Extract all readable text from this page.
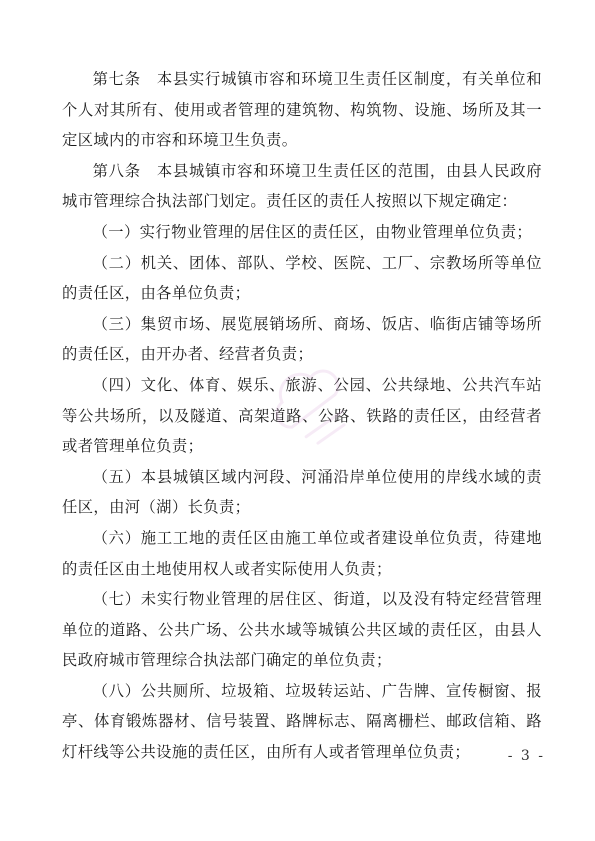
第七条　本县实行城镇市容和环境卫生责任区制度，有关单位和个人对其所有、使用或者管理的建筑物、构筑物、设施、场所及其一定区域内的市容和环境卫生负责。

第八条　本县城镇市容和环境卫生责任区的范围，由县人民政府城市管理综合执法部门划定。责任区的责任人按照以下规定确定：

（一）实行物业管理的居住区的责任区，由物业管理单位负责；

（二）机关、团体、部队、学校、医院、工厂、宗教场所等单位的责任区，由各单位负责；

（三）集贸市场、展览展销场所、商场、饭店、临街店铺等场所的责任区，由开办者、经营者负责；

（四）文化、体育、娱乐、旅游、公园、公共绿地、公共汽车站等公共场所，以及隧道、高架道路、公路、铁路的责任区，由经营者或者管理单位负责；

（五）本县城镇区域内河段、河涌沿岸单位使用的岸线水域的责任区，由河（湖）长负责；

（六）施工工地的责任区由施工单位或者建设单位负责，待建地的责任区由土地使用权人或者实际使用人负责；

（七）未实行物业管理的居住区、街道，以及没有特定经营管理单位的道路、公共广场、公共水域等城镇公共区域的责任区，由县人民政府城市管理综合执法部门确定的单位负责；

（八）公共厕所、垃圾箱、垃圾转运站、广告牌、宣传橱窗、报亭、体育锻炼器材、信号装置、路牌标志、隔离栅栏、邮政信箱、路灯杆线等公共设施的责任区，由所有人或者管理单位负责；	- 3 -
